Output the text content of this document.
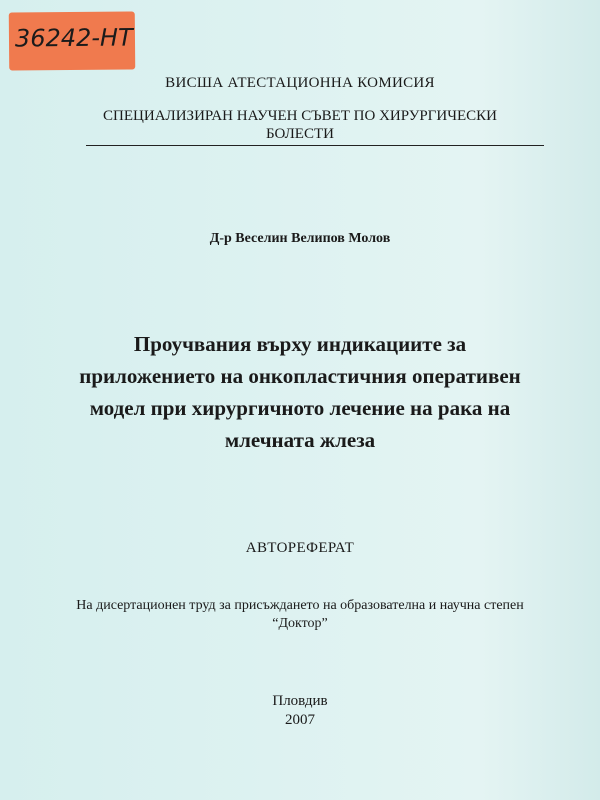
36242-НТ
ВИСША АТЕСТАЦИОННА КОМИСИЯ
СПЕЦИАЛИЗИРАН НАУЧЕН СЪВЕТ ПО ХИРУРГИЧЕСКИ
БОЛЕСТИ
Д-р Веселин Велипов Молов
Проучвания върху индикациите за
приложението на онкопластичния оперативен
модел при хирургичното лечение на рака на
млечната жлеза
АВТОРЕФЕРАТ
На дисертационен труд за присъждането на образователна и научна степен
“Доктор”
Пловдив
2007
